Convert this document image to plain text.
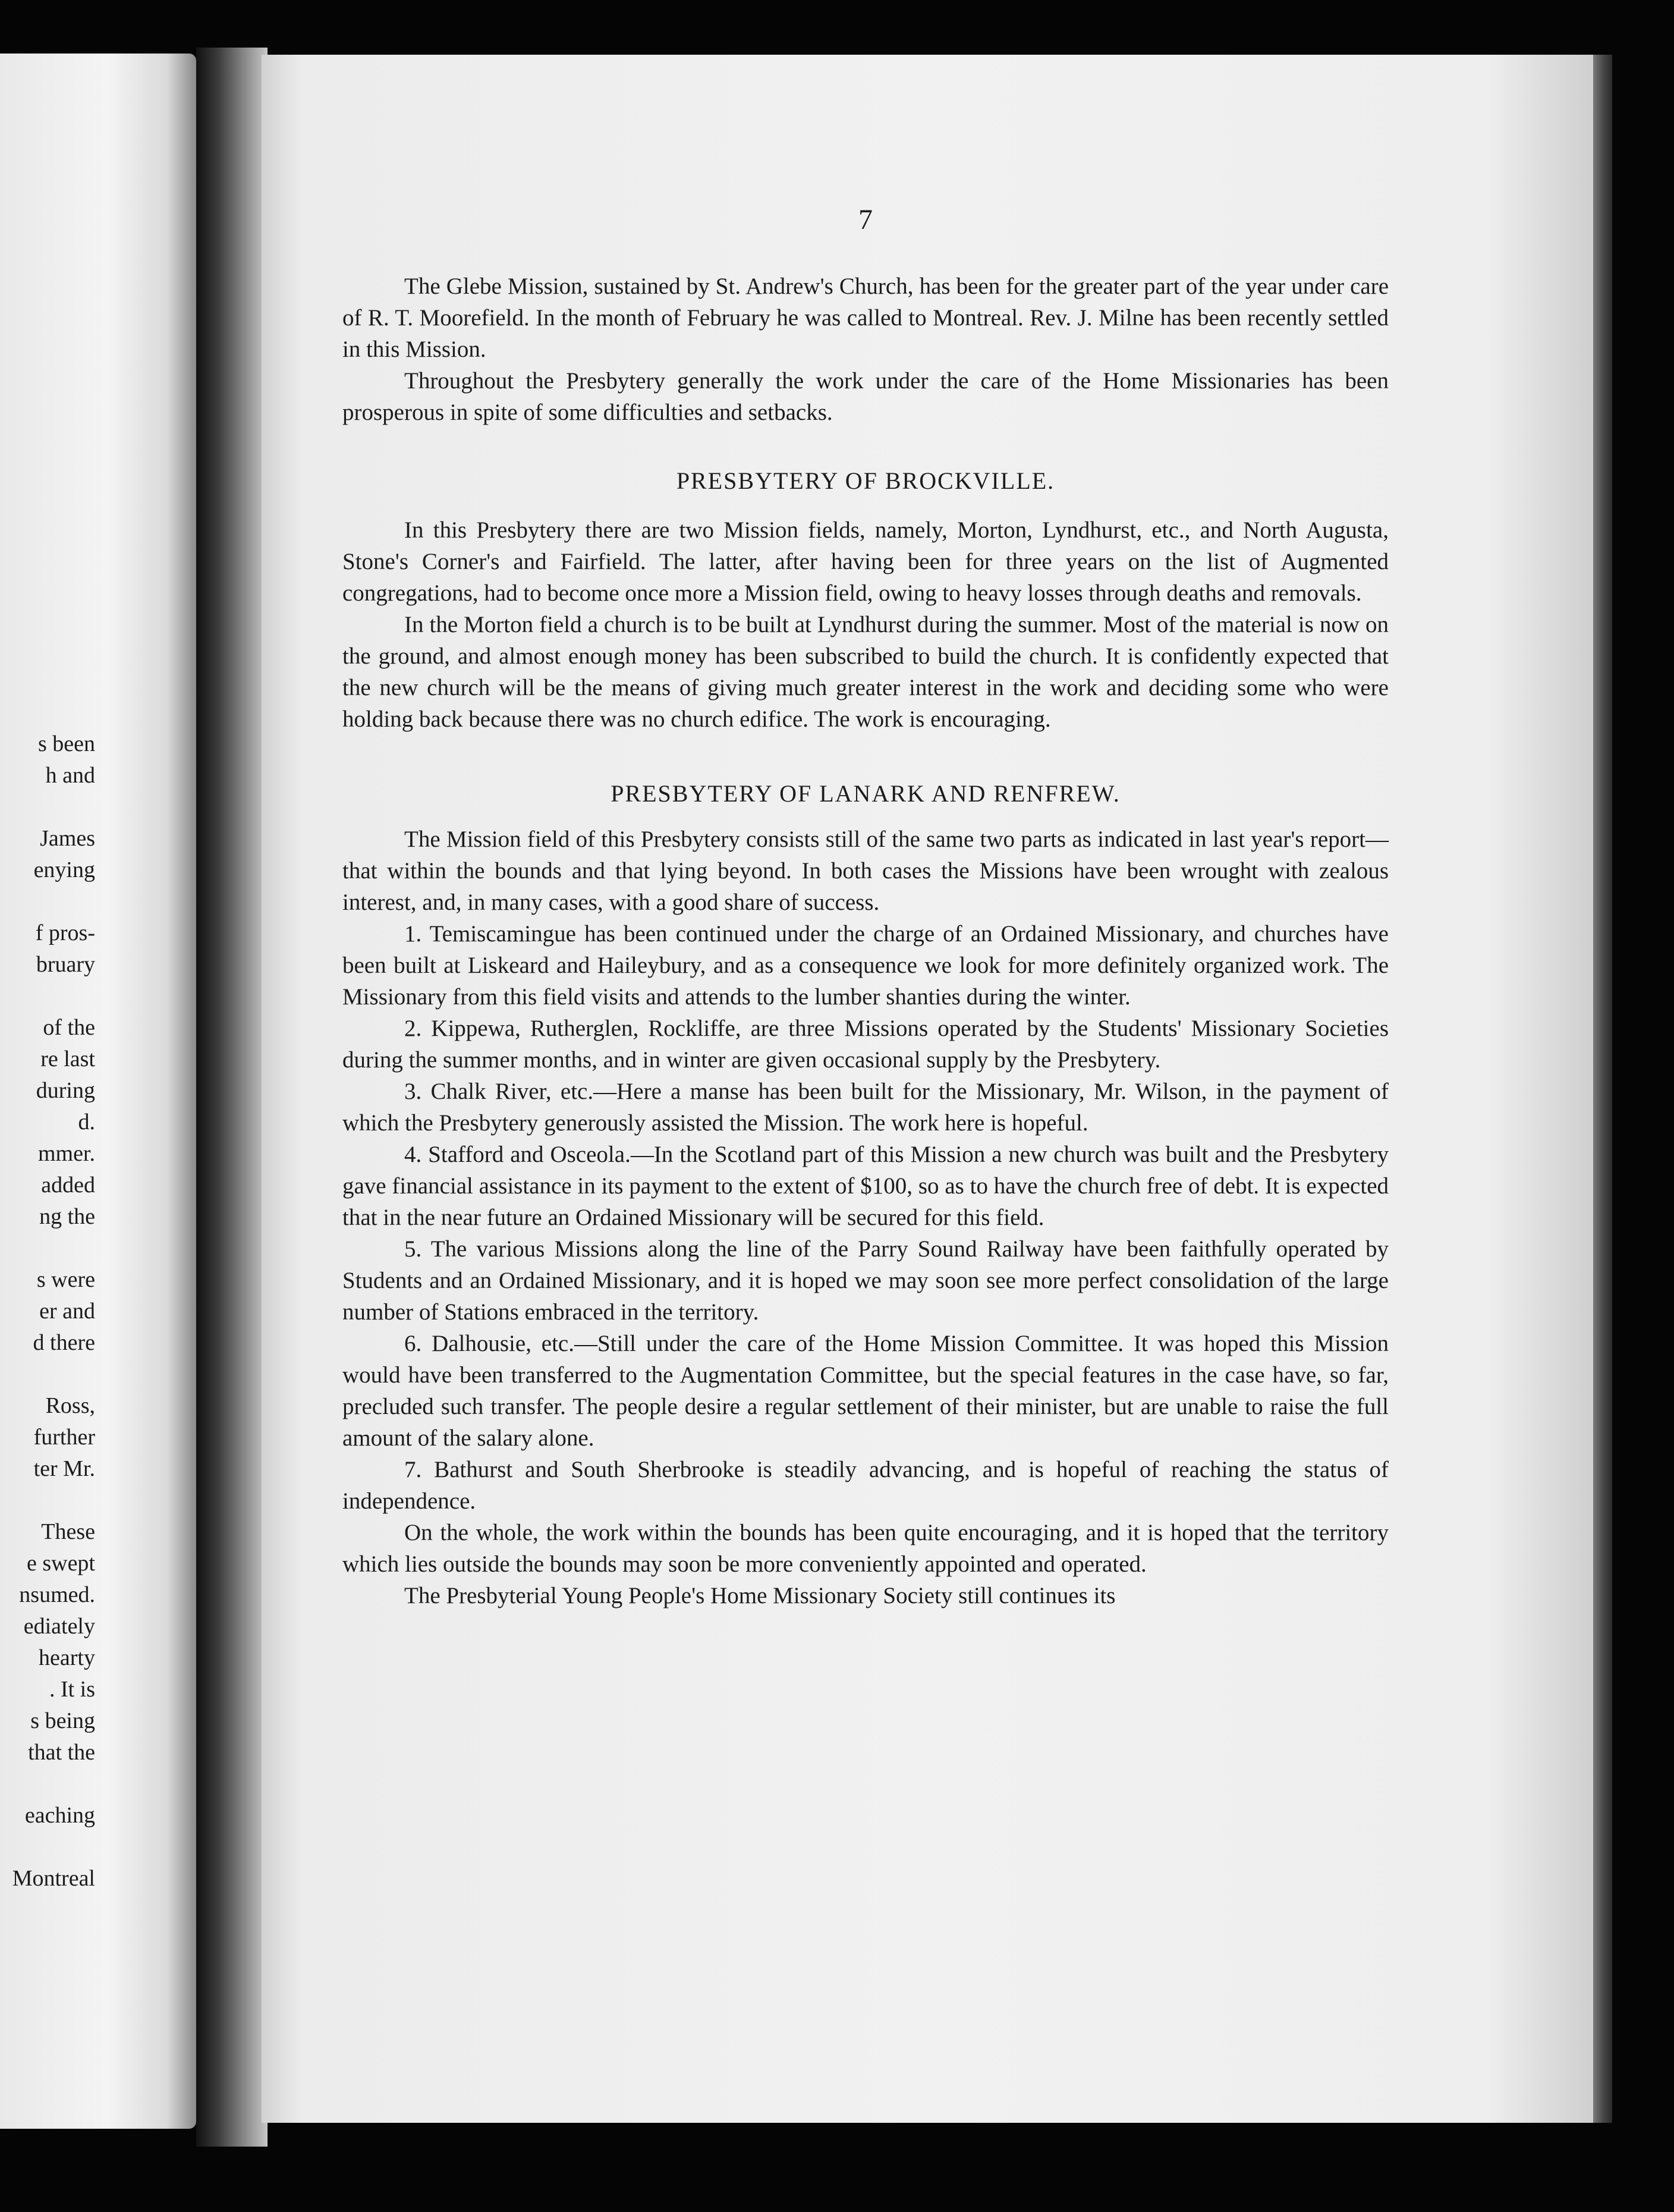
s been
h and
James
enying
f pros-
bruary
of the
re last
during
d.
mmer.
added
ng the
s were
er and
d there
Ross,
further
ter Mr.
These
e swept
nsumed.
ediately
hearty
. It is
s being
that the
eaching
Montreal
7

The Glebe Mission, sustained by St. Andrew's Church, has been for the greater part of the year under care of R. T. Moorefield. In the month of February he was called to Montreal. Rev. J. Milne has been recently settled in this Mission.

Throughout the Presbytery generally the work under the care of the Home Missionaries has been prosperous in spite of some difficulties and setbacks.

PRESBYTERY OF BROCKVILLE.

In this Presbytery there are two Mission fields, namely, Morton, Lyndhurst, etc., and North Augusta, Stone's Corner's and Fairfield. The latter, after having been for three years on the list of Augmented congregations, had to become once more a Mission field, owing to heavy losses through deaths and removals.

In the Morton field a church is to be built at Lyndhurst during the summer. Most of the material is now on the ground, and almost enough money has been subscribed to build the church. It is confidently expected that the new church will be the means of giving much greater interest in the work and deciding some who were holding back because there was no church edifice. The work is encouraging.

PRESBYTERY OF LANARK AND RENFREW.

The Mission field of this Presbytery consists still of the same two parts as indicated in last year's report—that within the bounds and that lying beyond. In both cases the Missions have been wrought with zealous interest, and, in many cases, with a good share of success.

1. Temiscamingue has been continued under the charge of an Ordained Missionary, and churches have been built at Liskeard and Haileybury, and as a consequence we look for more definitely organized work. The Missionary from this field visits and attends to the lumber shanties during the winter.

2. Kippewa, Rutherglen, Rockliffe, are three Missions operated by the Students' Missionary Societies during the summer months, and in winter are given occasional supply by the Presbytery.

3. Chalk River, etc.—Here a manse has been built for the Missionary, Mr. Wilson, in the payment of which the Presbytery generously assisted the Mission. The work here is hopeful.

4. Stafford and Osceola.—In the Scotland part of this Mission a new church was built and the Presbytery gave financial assistance in its payment to the extent of $100, so as to have the church free of debt. It is expected that in the near future an Ordained Missionary will be secured for this field.

5. The various Missions along the line of the Parry Sound Railway have been faithfully operated by Students and an Ordained Missionary, and it is hoped we may soon see more perfect consolidation of the large number of Stations embraced in the territory.

6. Dalhousie, etc.—Still under the care of the Home Mission Committee. It was hoped this Mission would have been transferred to the Augmentation Committee, but the special features in the case have, so far, precluded such transfer. The people desire a regular settlement of their minister, but are unable to raise the full amount of the salary alone.

7. Bathurst and South Sherbrooke is steadily advancing, and is hopeful of reaching the status of independence.

On the whole, the work within the bounds has been quite encouraging, and it is hoped that the territory which lies outside the bounds may soon be more conveniently appointed and operated.

The Presbyterial Young People's Home Missionary Society still continues its
